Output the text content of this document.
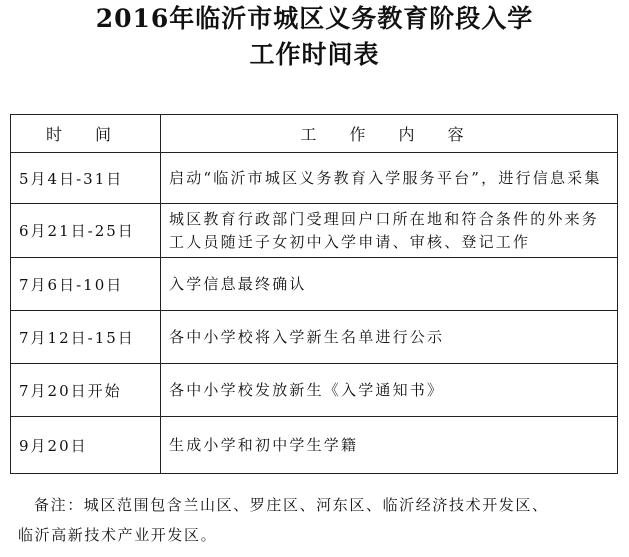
2016年临沂市城区义务教育阶段入学
工作时间表
时 间	工 作 内 容
5月4日-31日	启动“临沂市城区义务教育入学服务平台”，进行信息采集
6月21日-25日	城区教育行政部门受理回户口所在地和符合条件的外来务工人员随迁子女初中入学申请、审核、登记工作
7月6日-10日	入学信息最终确认
7月12日-15日	各中小学校将入学新生名单进行公示
7月20日开始	各中小学校发放新生《入学通知书》
9月20日	生成小学和初中学生学籍
备注：城区范围包含兰山区、罗庄区、河东区、临沂经济技术开发区、
临沂高新技术产业开发区。
